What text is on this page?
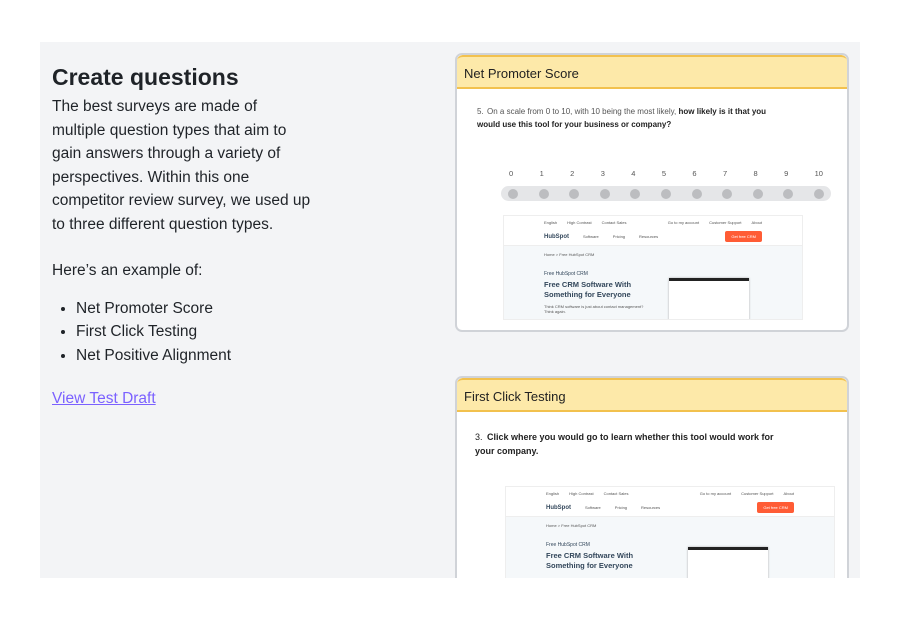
Create questions

The best surveys are made of multiple question types that aim to gain answers through a variety of perspectives. Within this one competitor review survey, we used up to three different question types.

Here’s an example of:

• Net Promoter Score
• First Click Testing
• Net Positive Alignment
View Test Draft
Net Promoter Score
5. On a scale from 0 to 10, with 10 being the most likely, how likely is it that you would use this tool for your business or company?
0	1	2	3	4	5	6	7	8	9	10
English	High Contrast	Contact Sales	Go to my account	Customer Support	About
HubSpot	Software	Pricing	Resources	Get free CRM
Home > Free HubSpot CRM
Free HubSpot CRM
Free CRM Software With Something for Everyone
Think CRM software is just about contact management? Think again.
First Click Testing
3. Click where you would go to learn whether this tool would work for your company.
English	High Contrast	Contact Sales	Go to my account	Customer Support	About
HubSpot	Software	Pricing	Resources	Get free CRM
Home > Free HubSpot CRM
Free HubSpot CRM
Free CRM Software With Something for Everyone
